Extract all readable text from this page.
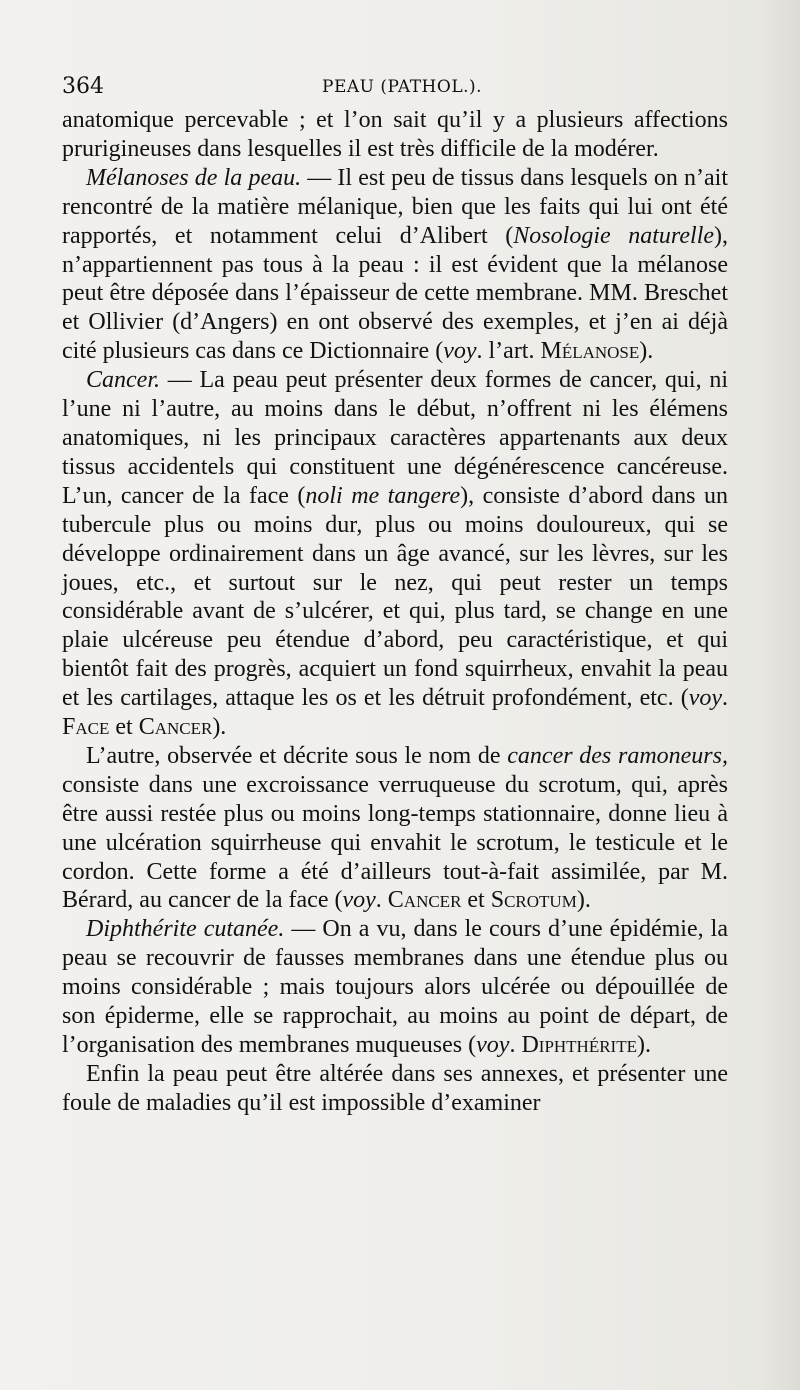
364	PEAU (PATHOL.).

anatomique percevable ; et l’on sait qu’il y a plusieurs affections prurigineuses dans lesquelles il est très difficile de la modérer.

Mélanoses de la peau. — Il est peu de tissus dans lesquels on n’ait rencontré de la matière mélanique, bien que les faits qui lui ont été rapportés, et notamment celui d’Alibert (Nosologie naturelle), n’appartiennent pas tous à la peau : il est évident que la mélanose peut être déposée dans l’épaisseur de cette membrane. MM. Breschet et Ollivier (d’Angers) en ont observé des exemples, et j’en ai déjà cité plusieurs cas dans ce Dictionnaire (voy. l’art. Mélanose).

Cancer. — La peau peut présenter deux formes de cancer, qui, ni l’une ni l’autre, au moins dans le début, n’offrent ni les élémens anatomiques, ni les principaux caractères appartenants aux deux tissus accidentels qui constituent une dégénérescence cancéreuse. L’un, cancer de la face (noli me tangere), consiste d’abord dans un tubercule plus ou moins dur, plus ou moins douloureux, qui se développe ordinairement dans un âge avancé, sur les lèvres, sur les joues, etc., et surtout sur le nez, qui peut rester un temps considérable avant de s’ulcérer, et qui, plus tard, se change en une plaie ulcéreuse peu étendue d’abord, peu caractéristique, et qui bientôt fait des progrès, acquiert un fond squirrheux, envahit la peau et les cartilages, attaque les os et les détruit profondément, etc. (voy. Face et Cancer).

L’autre, observée et décrite sous le nom de cancer des ramoneurs, consiste dans une excroissance verruqueuse du scrotum, qui, après être aussi restée plus ou moins long-temps stationnaire, donne lieu à une ulcération squirrheuse qui envahit le scrotum, le testicule et le cordon. Cette forme a été d’ailleurs tout-à-fait assimilée, par M. Bérard, au cancer de la face (voy. Cancer et Scrotum).

Diphthérite cutanée. — On a vu, dans le cours d’une épidémie, la peau se recouvrir de fausses membranes dans une étendue plus ou moins considérable ; mais toujours alors ulcérée ou dépouillée de son épiderme, elle se rapprochait, au moins au point de départ, de l’organisation des membranes muqueuses (voy. Diphthérite).

Enfin la peau peut être altérée dans ses annexes, et présenter une foule de maladies qu’il est impossible d’examiner
